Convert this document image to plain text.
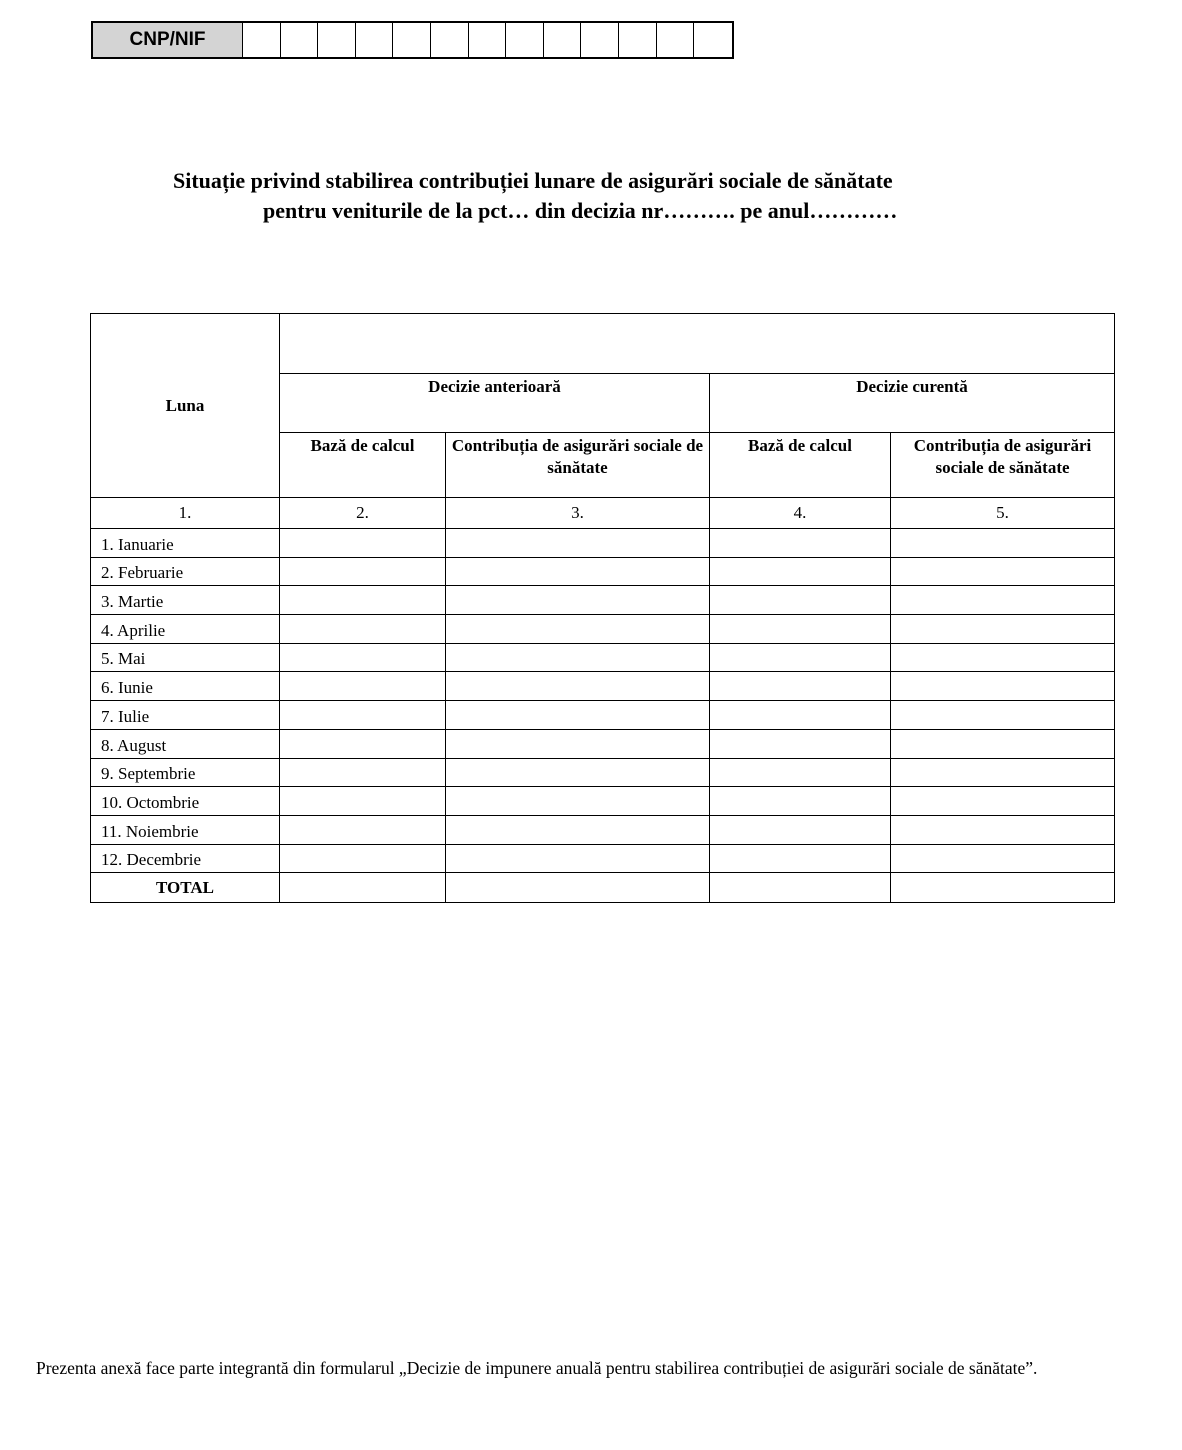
CNP/NIF
Situație privind stabilirea contribuției lunare de asigurări sociale de sănătate
pentru veniturile de la pct… din decizia nr………. pe anul…………
Luna				
	Decizie anterioară		Decizie curentă	
	Bază de calcul	Contribuția de asigurări sociale de sănătate	Bază de calcul	Contribuția de asigurări sociale de sănătate
1.	2.	3.	4.	5.
1. Ianuarie				
2. Februarie				
3. Martie				
4. Aprilie				
5. Mai				
6. Iunie				
7. Iulie				
8. August				
9. Septembrie				
10. Octombrie				
11. Noiembrie				
12. Decembrie				
TOTAL				
Prezenta anexă face parte integrantă din formularul „Decizie de impunere anuală pentru stabilirea contribuției de asigurări sociale de sănătate”.
